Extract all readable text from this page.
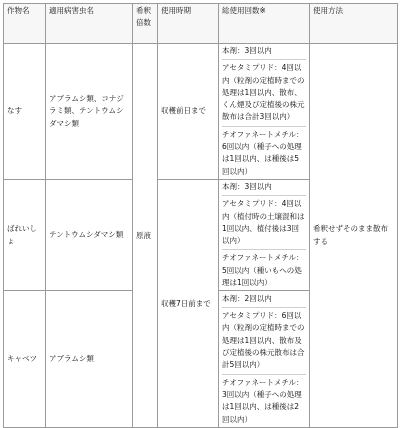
作物名	適用病害虫名	希釈倍数	使用時期	総使用回数※	使用方法
なす	アブラムシ類、コナジラミ類、テントウムシダマシ類	原液	収穫前日まで	本剤：3回以内
アセタミプリド：4回以内（粒剤の定植時までの処理は1回以内、散布、くん煙及び定植後の株元散布は合計3回以内）
チオファネートメチル：6回以内（種子への処理は1回以内、は種後は5回以内）	希釈せずそのまま散布する
ばれいしょ	テントウムシダマシ類		収穫7日前まで	本剤：3回以内
アセタミプリド：4回以内（植付時の土壌混和は1回以内、植付後は3回以内）
チオファネートメチル：5回以内（種いもへの処理は1回以内）	

キャベツ	アブラムシ類			本剤：2回以内
アセタミプリド：6回以内（粒剤の定植時までの処理は1回以内、散布及び定植後の株元散布は合計5回以内）
チオファネートメチル：3回以内（種子への処理は1回以内、は種後は2回以内）	
